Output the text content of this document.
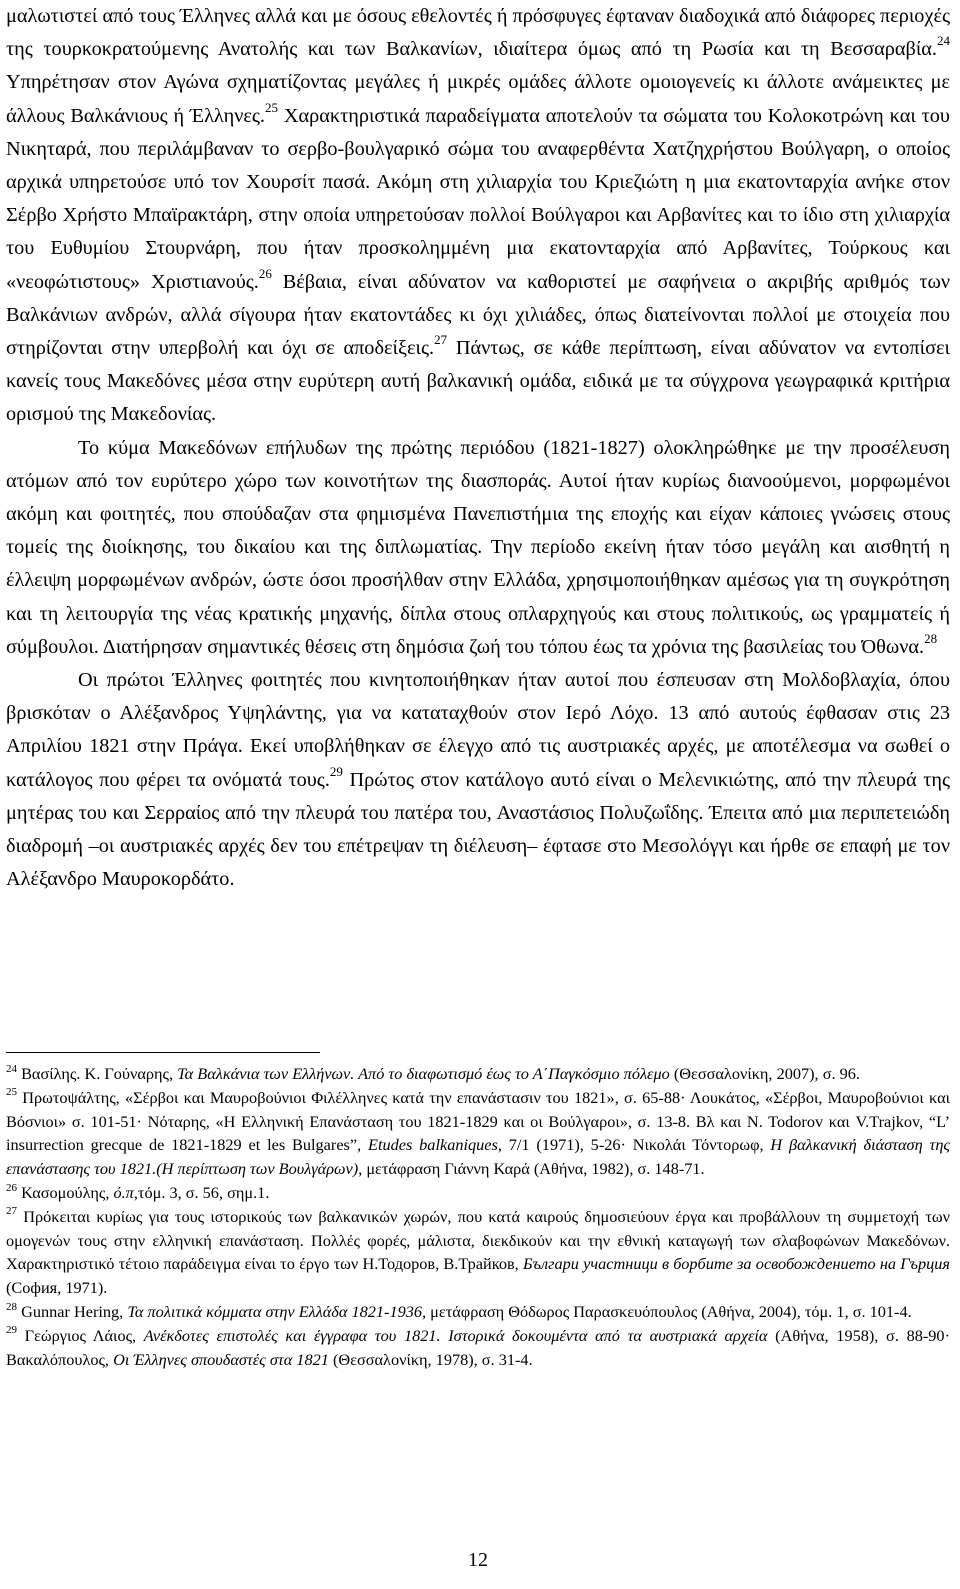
μαλωτιστεί από τους Έλληνες αλλά και με όσους εθελοντές ή πρόσφυγες έφταναν διαδοχικά από διάφορες περιοχές της τουρκοκρατούμενης Ανατολής και των Βαλκανίων, ιδιαίτερα όμως από τη Ρωσία και τη Βεσσαραβία.$^{24}$ Υπηρέτησαν στον Αγώνα σχηματίζοντας μεγάλες ή μικρές ομάδες άλλοτε ομοιογενείς κι άλλοτε ανάμεικτες με άλλους Βαλκάνιους ή Έλληνες.$^{25}$ Χαρακτηριστικά παραδείγματα αποτελούν τα σώματα του Κολοκοτρώνη και του Νικηταρά, που περιλάμβαναν το σερβο-βουλγαρικό σώμα του αναφερθέντα Χατζηχρήστου Βούλγαρη, ο οποίος αρχικά υπηρετούσε υπό τον Χουρσίτ πασά. Ακόμη στη χιλιαρχία του Κριεζιώτη η μια εκατονταρχία ανήκε στον Σέρβο Χρήστο Μπαϊρακτάρη, στην οποία υπηρετούσαν πολλοί Βούλγαροι και Αρβανίτες και το ίδιο στη χιλιαρχία του Ευθυμίου Στουρνάρη, που ήταν προσκολημμένη μια εκατονταρχία από Αρβανίτες, Τούρκους και «νεοφώτιστους» Χριστιανούς.$^{26}$ Βέβαια, είναι αδύνατον να καθοριστεί με σαφήνεια ο ακριβής αριθμός των Βαλκάνιων ανδρών, αλλά σίγουρα ήταν εκατοντάδες κι όχι χιλιάδες, όπως διατείνονται πολλοί με στοιχεία που στηρίζονται στην υπερβολή και όχι σε αποδείξεις.$^{27}$ Πάντως, σε κάθε περίπτωση, είναι αδύνατον να εντοπίσει κανείς τους Μακεδόνες μέσα στην ευρύτερη αυτή βαλκανική ομάδα, ειδικά με τα σύγχρονα γεωγραφικά κριτήρια ορισμού της Μακεδονίας.

Το κύμα Μακεδόνων επήλυδων της πρώτης περιόδου (1821-1827) ολοκληρώθηκε με την προσέλευση ατόμων από τον ευρύτερο χώρο των κοινοτήτων της διασποράς. Αυτοί ήταν κυρίως διανοούμενοι, μορφωμένοι ακόμη και φοιτητές, που σπούδαζαν στα φημισμένα Πανεπιστήμια της εποχής και είχαν κάποιες γνώσεις στους τομείς της διοίκησης, του δικαίου και της διπλωματίας. Την περίοδο εκείνη ήταν τόσο μεγάλη και αισθητή η έλλειψη μορφωμένων ανδρών, ώστε όσοι προσήλθαν στην Ελλάδα, χρησιμοποιήθηκαν αμέσως για τη συγκρότηση και τη λειτουργία της νέας κρατικής μηχανής, δίπλα στους οπλαρχηγούς και στους πολιτικούς, ως γραμματείς ή σύμβουλοι. Διατήρησαν σημαντικές θέσεις στη δημόσια ζωή του τόπου έως τα χρόνια της βασιλείας του Όθωνα.$^{28}$

Οι πρώτοι Έλληνες φοιτητές που κινητοποιήθηκαν ήταν αυτοί που έσπευσαν στη Μολδοβλαχία, όπου βρισκόταν ο Αλέξανδρος Υψηλάντης, για να καταταχθούν στον Ιερό Λόχο. 13 από αυτούς έφθασαν στις 23 Απριλίου 1821 στην Πράγα. Εκεί υποβλήθηκαν σε έλεγχο από τις αυστριακές αρχές, με αποτέλεσμα να σωθεί ο κατάλογος που φέρει τα ονόματά τους.$^{29}$ Πρώτος στον κατάλογο αυτό είναι ο Μελενικιώτης, από την πλευρά της μητέρας του και Σερραίος από την πλευρά του πατέρα του, Αναστάσιος Πολυζωΐδης. Έπειτα από μια περιπετειώδη διαδρομή –οι αυστριακές αρχές δεν του επέτρεψαν τη διέλευση– έφτασε στο Μεσολόγγι και ήρθε σε επαφή με τον Αλέξανδρο Μαυροκορδάτο.

$^{24}$ Βασίλης. Κ. Γούναρης, Τα Βαλκάνια των Ελλήνων. Από το διαφωτισμό έως το Α΄Παγκόσμιο πόλεμο (Θεσσαλονίκη, 2007), σ. 96.

$^{25}$ Πρωτοψάλτης, «Σέρβοι και Μαυροβούνιοι Φιλέλληνες κατά την επανάστασιν του 1821», σ. 65-88· Λουκάτος, «Σέρβοι, Μαυροβούνιοι και Βόσνιοι» σ. 101-51· Νόταρης, «Η Ελληνική Επανάσταση του 1821-1829 και οι Βούλγαροι», σ. 13-8. Βλ και N. Todorov και V.Trajkov, “L’ insurrection grecque de 1821-1829 et les Bulgares”, Etudes balkaniques, 7/1 (1971), 5-26· Νικολάι Τόντορωφ, Η βαλκανική διάσταση της επανάστασης του 1821.(Η περίπτωση των Βουλγάρων), μετάφραση Γιάννη Καρά (Αθήνα, 1982), σ. 148-71.

$^{26}$ Κασομούλης, ό.π,τόμ. 3, σ. 56, σημ.1.

$^{27}$ Πρόκειται κυρίως για τους ιστορικούς των βαλκανικών χωρών, που κατά καιρούς δημοσιεύουν έργα και προβάλλουν τη συμμετοχή των ομογενών τους στην ελληνική επανάσταση. Πολλές φορές, μάλιστα, διεκδικούν και την εθνική καταγωγή των σλαβοφώνων Μακεδόνων. Χαρακτηριστικό τέτοιο παράδειγμα είναι το έργο των Η.Тодоров, В.Трайков, Българи участници в борбите за освобождението на Гърция (София, 1971).

$^{28}$ Gunnar Hering, Τα πολιτικά κόμματα στην Ελλάδα 1821-1936, μετάφραση Θόδωρος Παρασκευόπουλος (Αθήνα, 2004), τόμ. 1, σ. 101-4.

$^{29}$ Γεώργιος Λάιος, Ανέκδοτες επιστολές και έγγραφα του 1821. Ιστορικά δοκουμέντα από τα αυστριακά αρχεία (Αθήνα, 1958), σ. 88-90· Βακαλόπουλος, Οι Έλληνες σπουδαστές στα 1821 (Θεσσαλονίκη, 1978), σ. 31-4.

12
